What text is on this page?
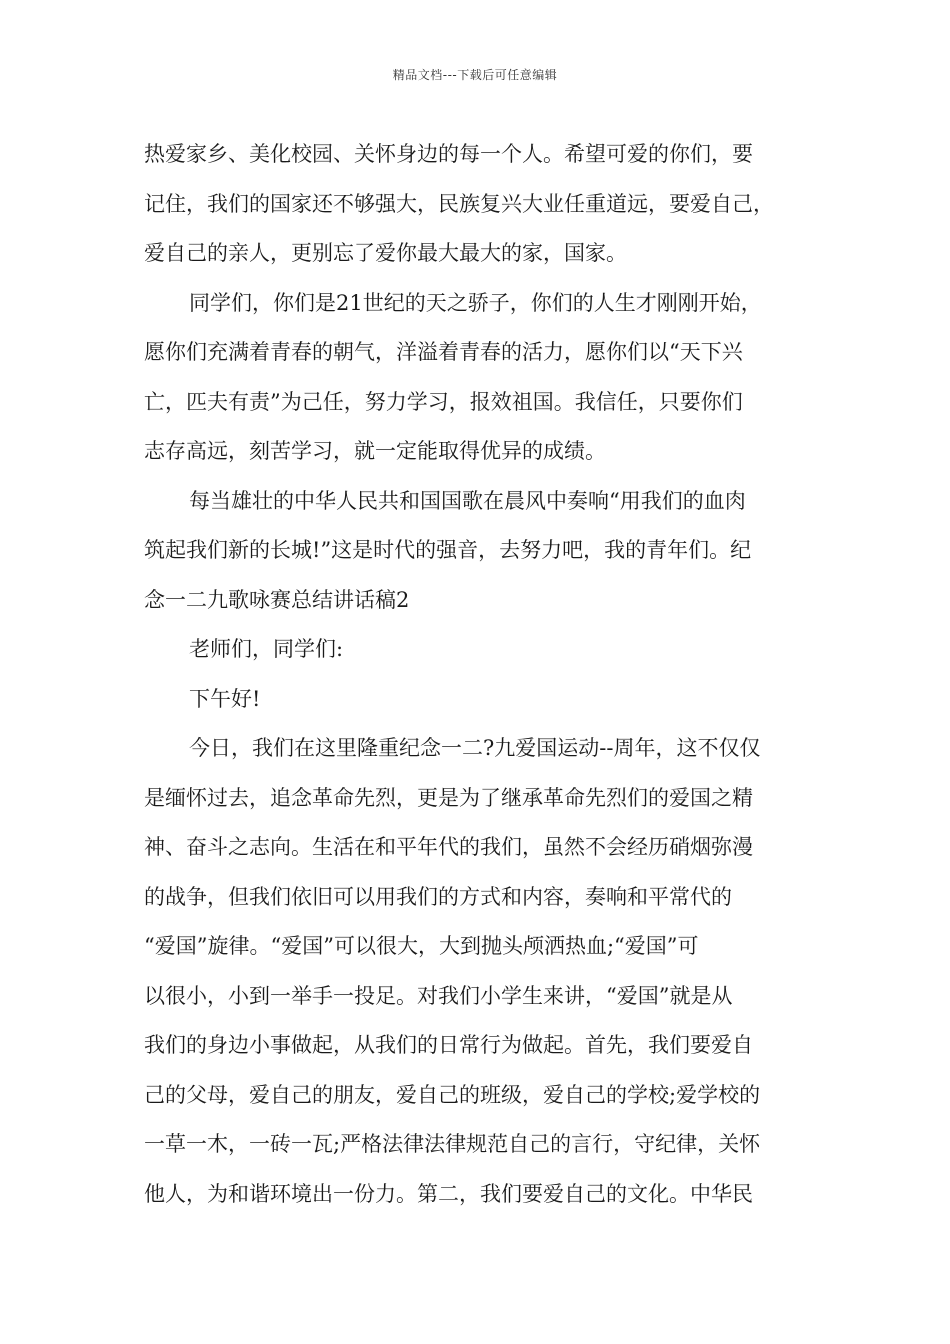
精品文档---下载后可任意编辑
热爱家乡、美化校园、关怀身边的每一个人。希望可爱的你们，要
记住，我们的国家还不够强大，民族复兴大业任重道远，要爱自己，
爱自己的亲人，更别忘了爱你最大最大的家，国家。
同学们，你们是21世纪的天之骄子，你们的人生才刚刚开始，
愿你们充满着青春的朝气，洋溢着青春的活力，愿你们以“天下兴
亡，匹夫有责”为己任，努力学习，报效祖国。我信任，只要你们
志存高远，刻苦学习，就一定能取得优异的成绩。
每当雄壮的中华人民共和国国歌在晨风中奏响“用我们的血肉
筑起我们新的长城!”这是时代的强音，去努力吧，我的青年们。纪
念一二九歌咏赛总结讲话稿2
老师们，同学们:
下午好!
今日，我们在这里隆重纪念一二?九爱国运动--周年，这不仅仅
是缅怀过去，追念革命先烈，更是为了继承革命先烈们的爱国之精
神、奋斗之志向。生活在和平年代的我们，虽然不会经历硝烟弥漫
的战争，但我们依旧可以用我们的方式和内容，奏响和平常代的
“爱国”旋律。“爱国”可以很大，大到抛头颅洒热血;“爱国”可
以很小，小到一举手一投足。对我们小学生来讲，“爱国”就是从
我们的身边小事做起，从我们的日常行为做起。首先，我们要爱自
己的父母，爱自己的朋友，爱自己的班级，爱自己的学校;爱学校的
一草一木，一砖一瓦;严格法律法律规范自己的言行，守纪律，关怀
他人，为和谐环境出一份力。第二，我们要爱自己的文化。中华民
